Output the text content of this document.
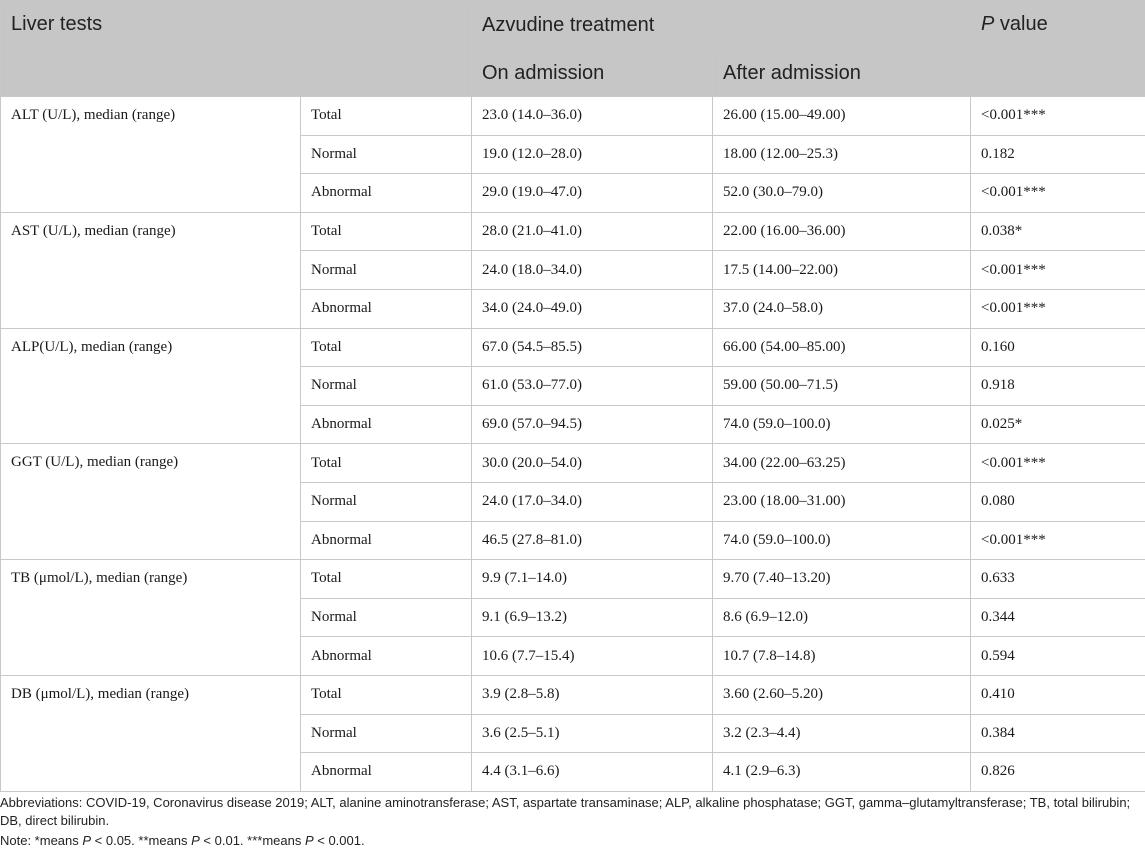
Liver tests		Azvudine treatment		P value
		On admission	After admission	
ALT (U/L), median (range)	Total	23.0 (14.0–36.0)	26.00 (15.00–49.00)	<0.001***
	Normal	19.0 (12.0–28.0)	18.00 (12.00–25.3)	0.182
	Abnormal	29.0 (19.0–47.0)	52.0 (30.0–79.0)	<0.001***
AST (U/L), median (range)	Total	28.0 (21.0–41.0)	22.00 (16.00–36.00)	0.038*
	Normal	24.0 (18.0–34.0)	17.5 (14.00–22.00)	<0.001***
	Abnormal	34.0 (24.0–49.0)	37.0 (24.0–58.0)	<0.001***
ALP(U/L), median (range)	Total	67.0 (54.5–85.5)	66.00 (54.00–85.00)	0.160
	Normal	61.0 (53.0–77.0)	59.00 (50.00–71.5)	0.918
	Abnormal	69.0 (57.0–94.5)	74.0 (59.0–100.0)	0.025*
GGT (U/L), median (range)	Total	30.0 (20.0–54.0)	34.00 (22.00–63.25)	<0.001***
	Normal	24.0 (17.0–34.0)	23.00 (18.00–31.00)	0.080
	Abnormal	46.5 (27.8–81.0)	74.0 (59.0–100.0)	<0.001***
TB (μmol/L), median (range)	Total	9.9 (7.1–14.0)	9.70 (7.40–13.20)	0.633
	Normal	9.1 (6.9–13.2)	8.6 (6.9–12.0)	0.344
	Abnormal	10.6 (7.7–15.4)	10.7 (7.8–14.8)	0.594
DB (μmol/L), median (range)	Total	3.9 (2.8–5.8)	3.60 (2.60–5.20)	0.410
	Normal	3.6 (2.5–5.1)	3.2 (2.3–4.4)	0.384
	Abnormal	4.4 (3.1–6.6)	4.1 (2.9–6.3)	0.826

Abbreviations: COVID-19, Coronavirus disease 2019; ALT, alanine aminotransferase; AST, aspartate transaminase; ALP, alkaline phosphatase; GGT, gamma–glutamyltransferase; TB, total bilirubin; DB, direct bilirubin.

Note: *means P < 0.05. **means P < 0.01. ***means P < 0.001.
